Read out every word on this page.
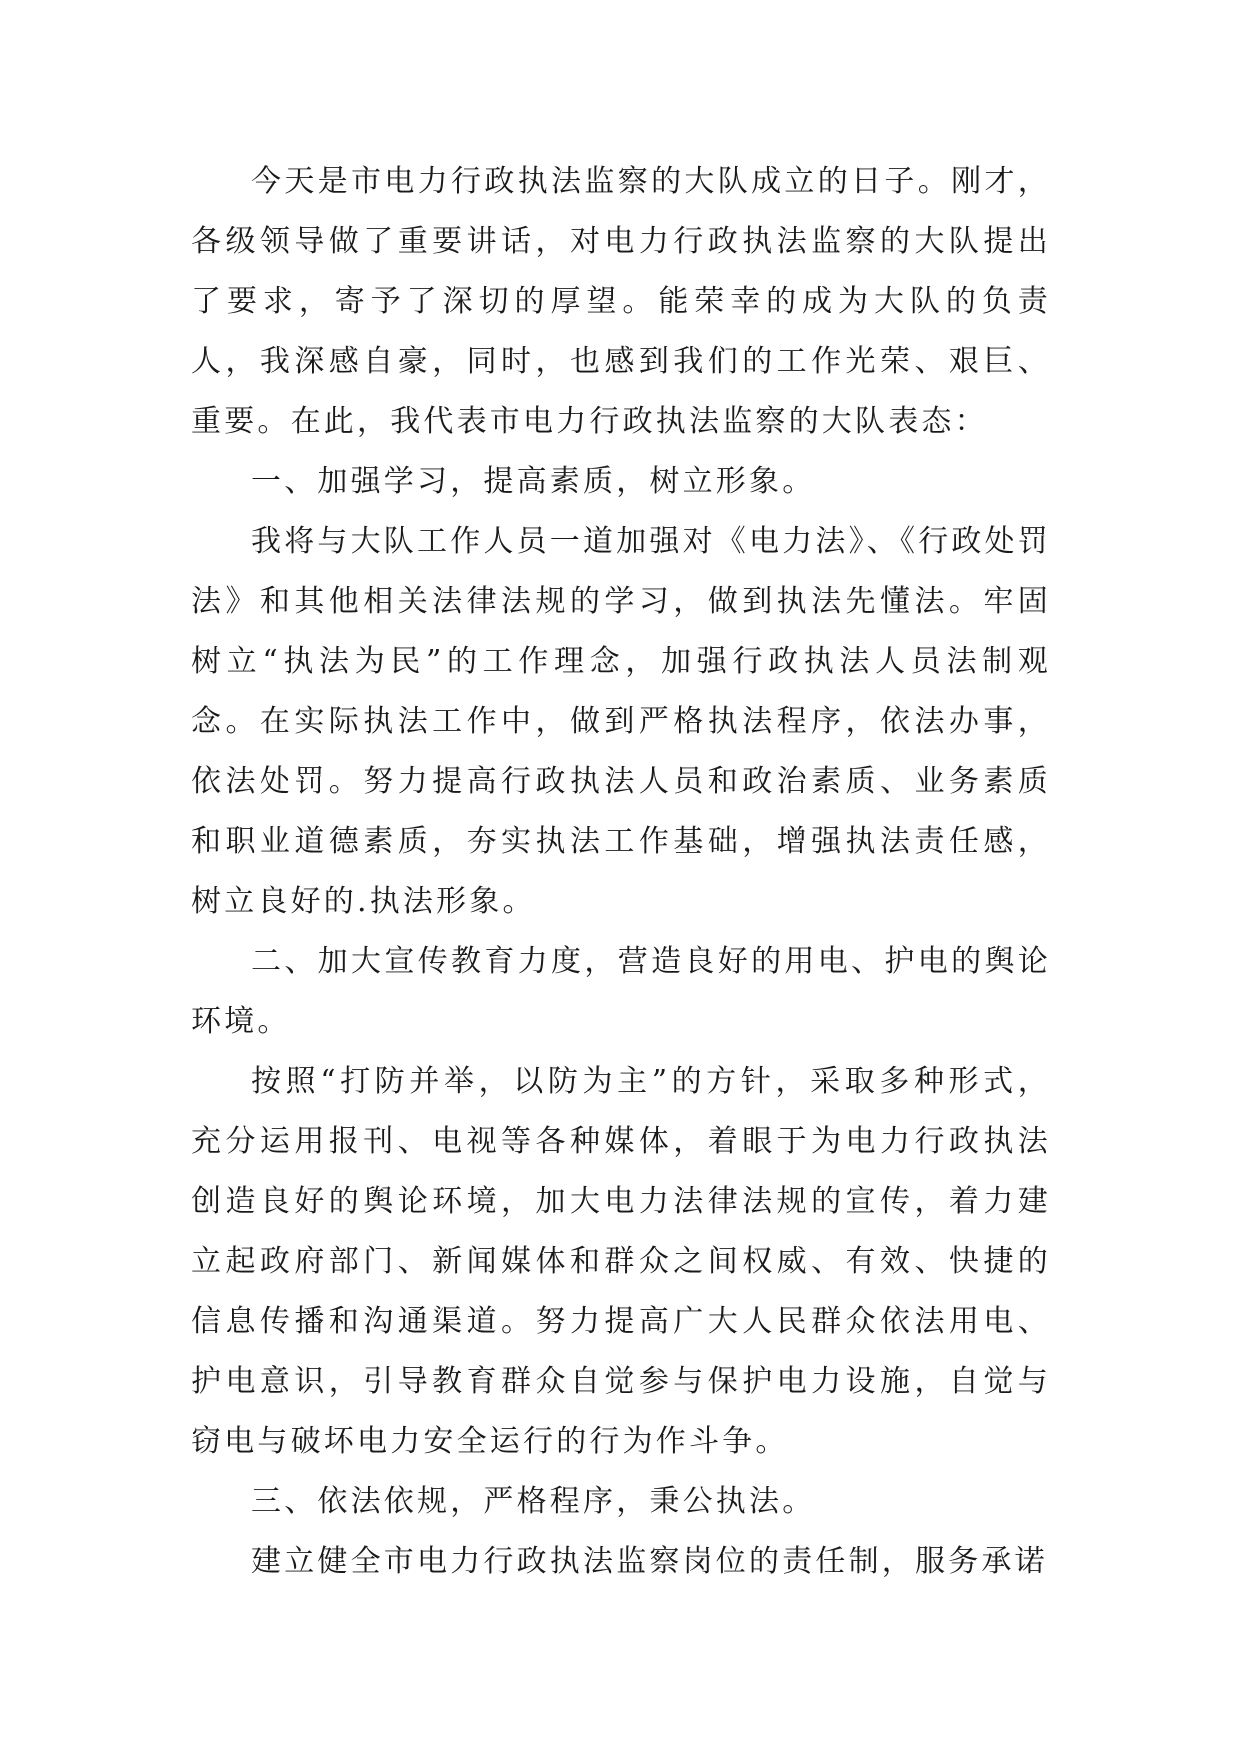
今天是市电力行政执法监察的大队成立的日子。刚才，各级领导做了重要讲话，对电力行政执法监察的大队提出了要求，寄予了深切的厚望。能荣幸的成为大队的负责人，我深感自豪，同时，也感到我们的工作光荣、艰巨、重要。在此，我代表市电力行政执法监察的大队表态：

一、加强学习，提高素质，树立形象。

我将与大队工作人员一道加强对《电力法》、《行政处罚法》和其他相关法律法规的学习，做到执法先懂法。牢固树立“执法为民”的工作理念，加强行政执法人员法制观念。在实际执法工作中，做到严格执法程序，依法办事，依法处罚。努力提高行政执法人员和政治素质、业务素质和职业道德素质，夯实执法工作基础，增强执法责任感，树立良好的.执法形象。

二、加大宣传教育力度，营造良好的用电、护电的舆论环境。

按照“打防并举，以防为主”的方针，采取多种形式，充分运用报刊、电视等各种媒体，着眼于为电力行政执法创造良好的舆论环境，加大电力法律法规的宣传，着力建立起政府部门、新闻媒体和群众之间权威、有效、快捷的信息传播和沟通渠道。努力提高广大人民群众依法用电、护电意识，引导教育群众自觉参与保护电力设施，自觉与窃电与破坏电力安全运行的行为作斗争。

三、依法依规，严格程序，秉公执法。

建立健全市电力行政执法监察岗位的责任制，服务承诺
